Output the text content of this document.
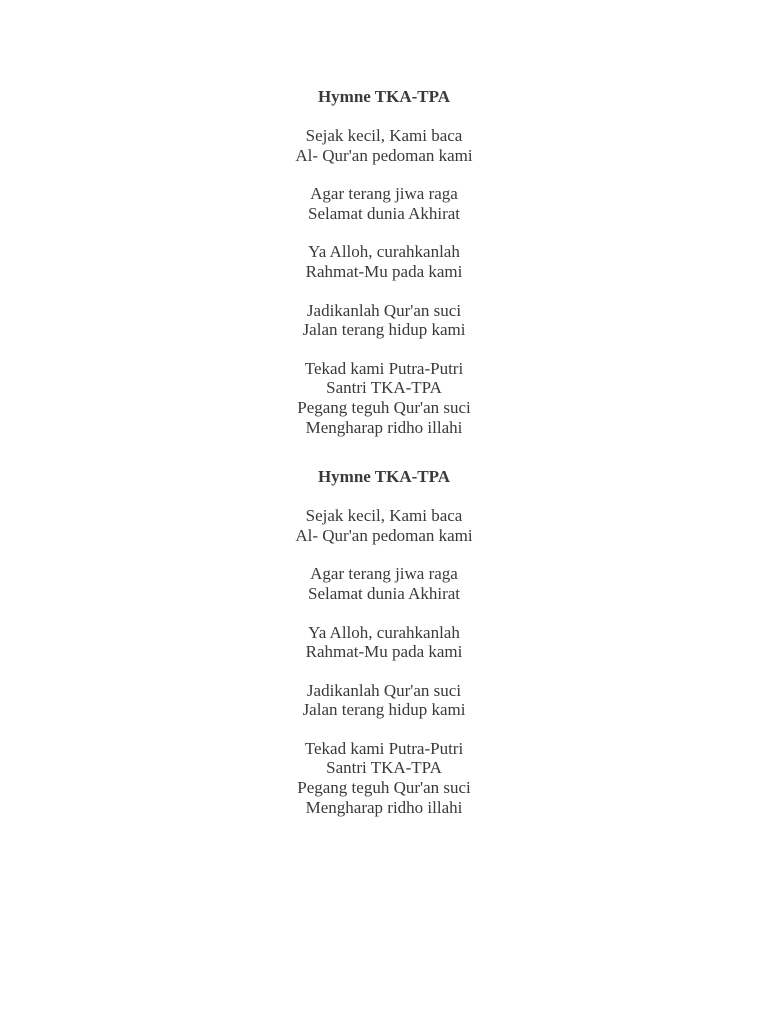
Hymne TKA-TPA
Sejak kecil, Kami baca
Al- Qur'an pedoman kami
Agar terang jiwa raga
Selamat dunia Akhirat
Ya Alloh, curahkanlah
Rahmat-Mu pada kami
Jadikanlah Qur'an suci
Jalan terang hidup kami
Tekad kami Putra-Putri
Santri TKA-TPA
Pegang teguh Qur'an suci
Mengharap ridho illahi
Hymne TKA-TPA
Sejak kecil, Kami baca
Al- Qur'an pedoman kami
Agar terang jiwa raga
Selamat dunia Akhirat
Ya Alloh, curahkanlah
Rahmat-Mu pada kami
Jadikanlah Qur'an suci
Jalan terang hidup kami
Tekad kami Putra-Putri
Santri TKA-TPA
Pegang teguh Qur'an suci
Mengharap ridho illahi
